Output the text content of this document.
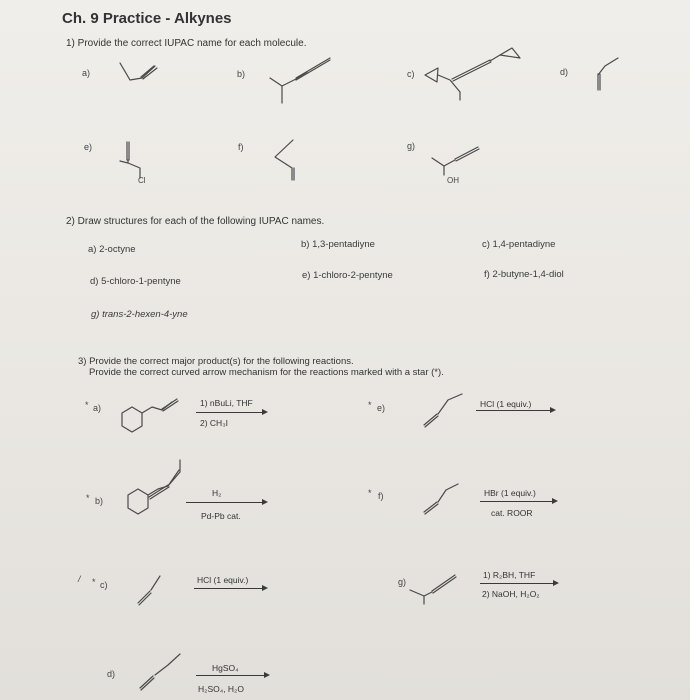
Ch. 9 Practice - Alkynes
1) Provide the correct IUPAC name for each molecule.
a)	b)	c)	d)
e)	f)	g)
Cl	OH
2) Draw structures for each of the following IUPAC names.
a) 2-octyne	b) 1,3-pentadiyne	c) 1,4-pentadiyne
d) 5-chloro-1-pentyne
e) 1-chloro-2-pentyne	f) 2-butyne-1,4-diol
g) trans-2-hexen-4-yne
3) Provide the correct major product(s) for the following reactions.
Provide the correct curved arrow mechanism for the reactions marked with a star (*).
* a)	* e)
* b)
* f)
/ * c)	g)
d)
1) nBuLi, THF
2) CH₃I
HCl (1 equiv.)
H₂
Pd-Pb cat.
HBr (1 equiv.)
cat. ROOR
HCl (1 equiv.)	1) R₂BH, THF
2) NaOH, H₂O₂
HgSO₄
H₂SO₄, H₂O
